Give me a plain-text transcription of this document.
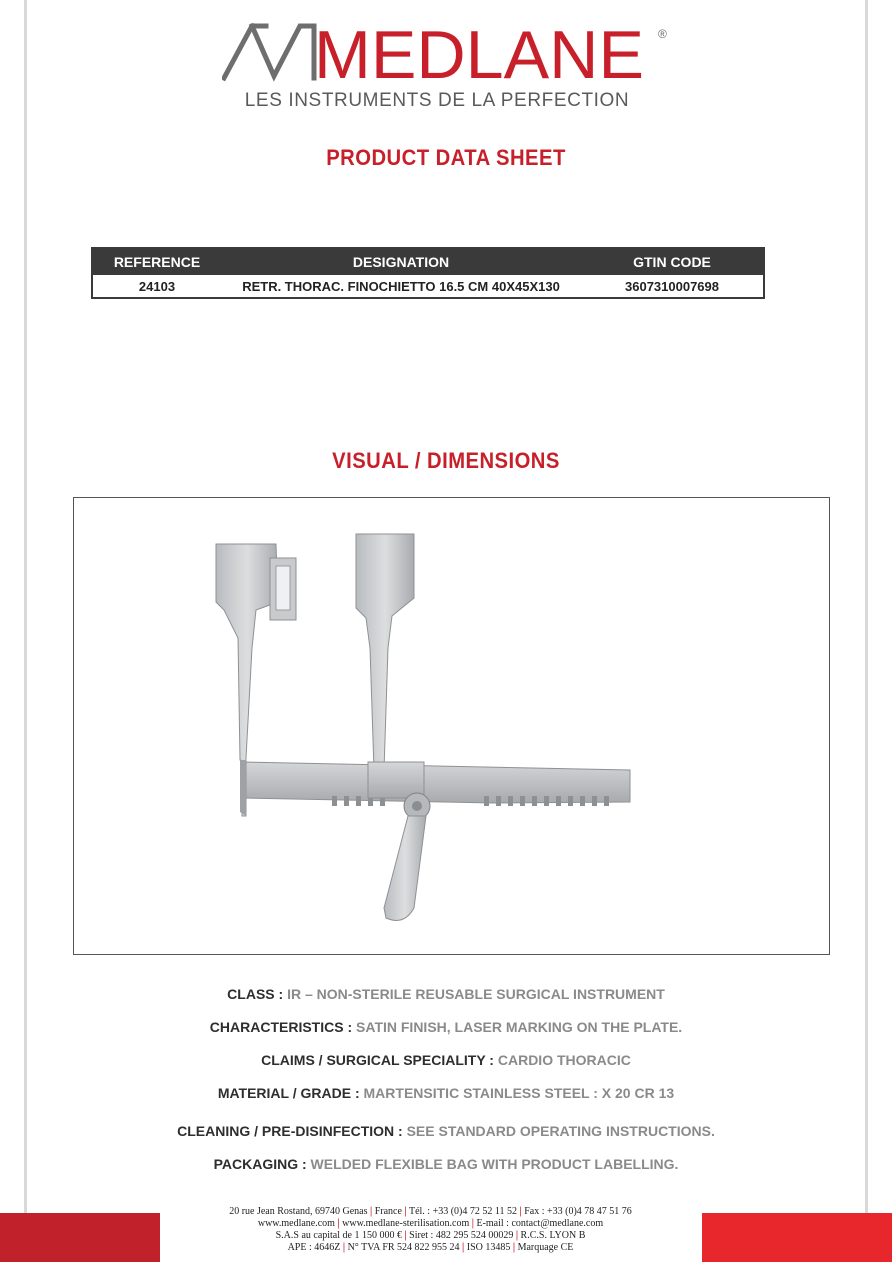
MEDLANE ®
LES INSTRUMENTS DE LA PERFECTION
PRODUCT DATA SHEET
REFERENCE	DESIGNATION	GTIN CODE
24103	RETR. THORAC. FINOCHIETTO 16.5 CM 40X45X130	3607310007698
VISUAL / DIMENSIONS
CLASS : IR – NON-STERILE REUSABLE SURGICAL INSTRUMENT
CHARACTERISTICS : SATIN FINISH, LASER MARKING ON THE PLATE.
CLAIMS / SURGICAL SPECIALITY : CARDIO THORACIC
MATERIAL / GRADE : MARTENSITIC STAINLESS STEEL : X 20 CR 13
CLEANING / PRE-DISINFECTION : SEE STANDARD OPERATING INSTRUCTIONS.
PACKAGING : WELDED FLEXIBLE BAG WITH PRODUCT LABELLING.
20 rue Jean Rostand, 69740 Genas | France | Tél. : +33 (0)4 72 52 11 52 | Fax : +33 (0)4 78 47 51 76
www.medlane.com | www.medlane-sterilisation.com | E-mail : contact@medlane.com
S.A.S au capital de 1 150 000 € | Siret : 482 295 524 00029 | R.C.S. LYON B
APE : 4646Z | N° TVA FR 524 822 955 24 | ISO 13485 | Marquage CE
